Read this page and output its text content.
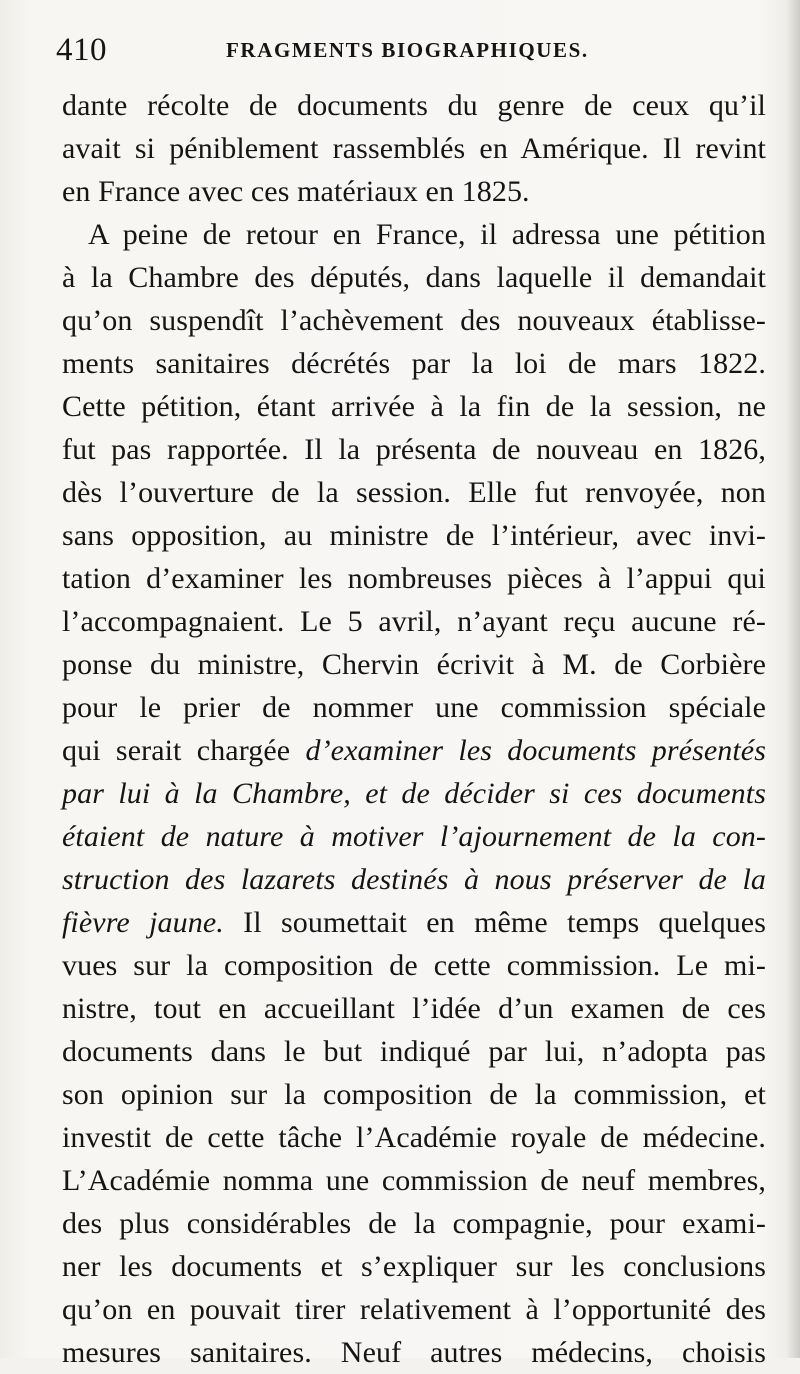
410	FRAGMENTS BIOGRAPHIQUES.
dante récolte de documents du genre de ceux qu’il
avait si péniblement rassemblés en Amérique. Il revint
en France avec ces matériaux en 1825.
A peine de retour en France, il adressa une pétition
à la Chambre des députés, dans laquelle il demandait
qu’on suspendît l’achèvement des nouveaux établisse-
ments sanitaires décrétés par la loi de mars 1822.
Cette pétition, étant arrivée à la fin de la session, ne
fut pas rapportée. Il la présenta de nouveau en 1826,
dès l’ouverture de la session. Elle fut renvoyée, non
sans opposition, au ministre de l’intérieur, avec invi-
tation d’examiner les nombreuses pièces à l’appui qui
l’accompagnaient. Le 5 avril, n’ayant reçu aucune ré-
ponse du ministre, Chervin écrivit à M. de Corbière
pour le prier de nommer une commission spéciale
qui serait chargée d’examiner les documents présentés
par lui à la Chambre, et de décider si ces documents
étaient de nature à motiver l’ajournement de la con-
struction des lazarets destinés à nous préserver de la
fièvre jaune. Il soumettait en même temps quelques
vues sur la composition de cette commission. Le mi-
nistre, tout en accueillant l’idée d’un examen de ces
documents dans le but indiqué par lui, n’adopta pas
son opinion sur la composition de la commission, et
investit de cette tâche l’Académie royale de médecine.
L’Académie nomma une commission de neuf membres,
des plus considérables de la compagnie, pour exami-
ner les documents et s’expliquer sur les conclusions
qu’on en pouvait tirer relativement à l’opportunité des
mesures sanitaires. Neuf autres médecins, choisis
